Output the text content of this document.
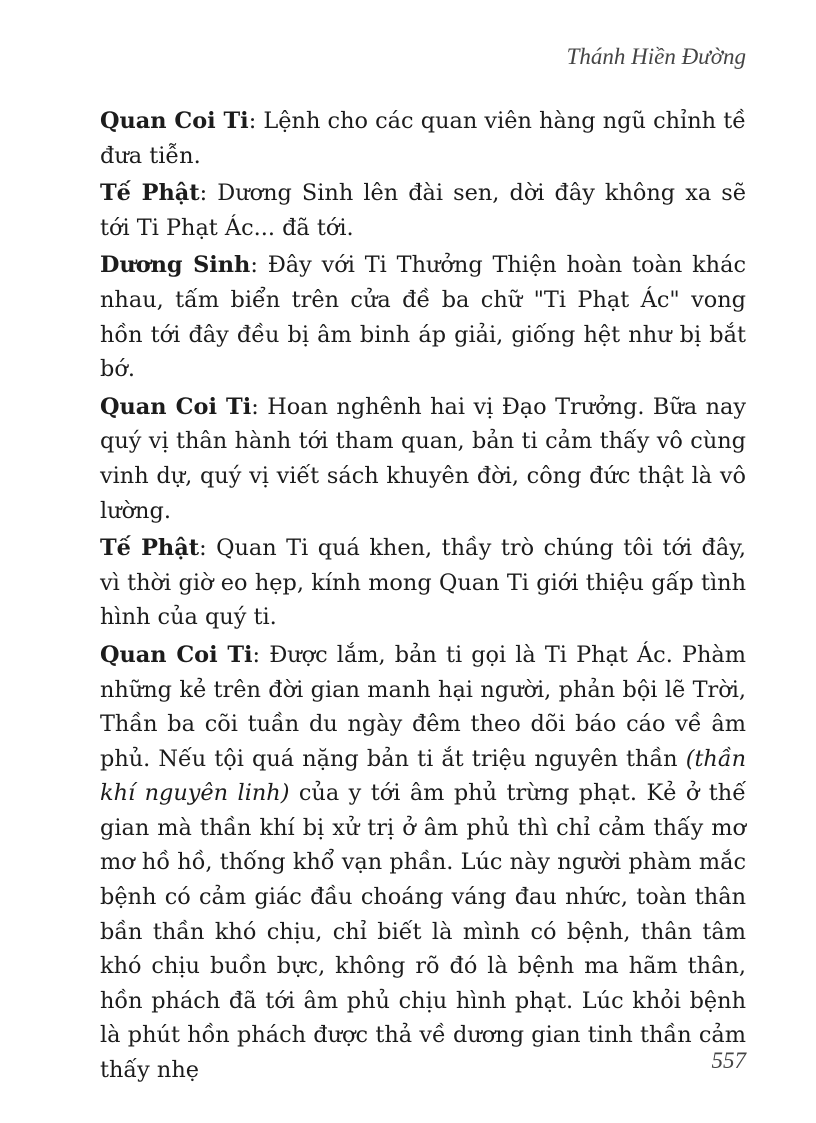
Thánh Hiền Đường

Quan Coi Ti: Lệnh cho các quan viên hàng ngũ chỉnh tề đưa tiễn.

Tế Phật: Dương Sinh lên đài sen, dời đây không xa sẽ tới Ti Phạt Ác... đã tới.

Dương Sinh: Đây với Ti Thưởng Thiện hoàn toàn khác nhau, tấm biển trên cửa đề ba chữ "Ti Phạt Ác" vong hồn tới đây đều bị âm binh áp giải, giống hệt như bị bắt bớ.

Quan Coi Ti: Hoan nghênh hai vị Đạo Trưởng. Bữa nay quý vị thân hành tới tham quan, bản ti cảm thấy vô cùng vinh dự, quý vị viết sách khuyên đời, công đức thật là vô lường.

Tế Phật: Quan Ti quá khen, thầy trò chúng tôi tới đây, vì thời giờ eo hẹp, kính mong Quan Ti giới thiệu gấp tình hình của quý ti.

Quan Coi Ti: Được lắm, bản ti gọi là Ti Phạt Ác. Phàm những kẻ trên đời gian manh hại người, phản bội lẽ Trời, Thần ba cõi tuần du ngày đêm theo dõi báo cáo về âm phủ. Nếu tội quá nặng bản ti ắt triệu nguyên thần (thần khí nguyên linh) của y tới âm phủ trừng phạt. Kẻ ở thế gian mà thần khí bị xử trị ở âm phủ thì chỉ cảm thấy mơ mơ hồ hồ, thống khổ vạn phần. Lúc này người phàm mắc bệnh có cảm giác đầu choáng váng đau nhức, toàn thân bần thần khó chịu, chỉ biết là mình có bệnh, thân tâm khó chịu buồn bực, không rõ đó là bệnh ma hãm thân, hồn phách đã tới âm phủ chịu hình phạt. Lúc khỏi bệnh là phút hồn phách được thả về dương gian tinh thần cảm thấy nhẹ	557
